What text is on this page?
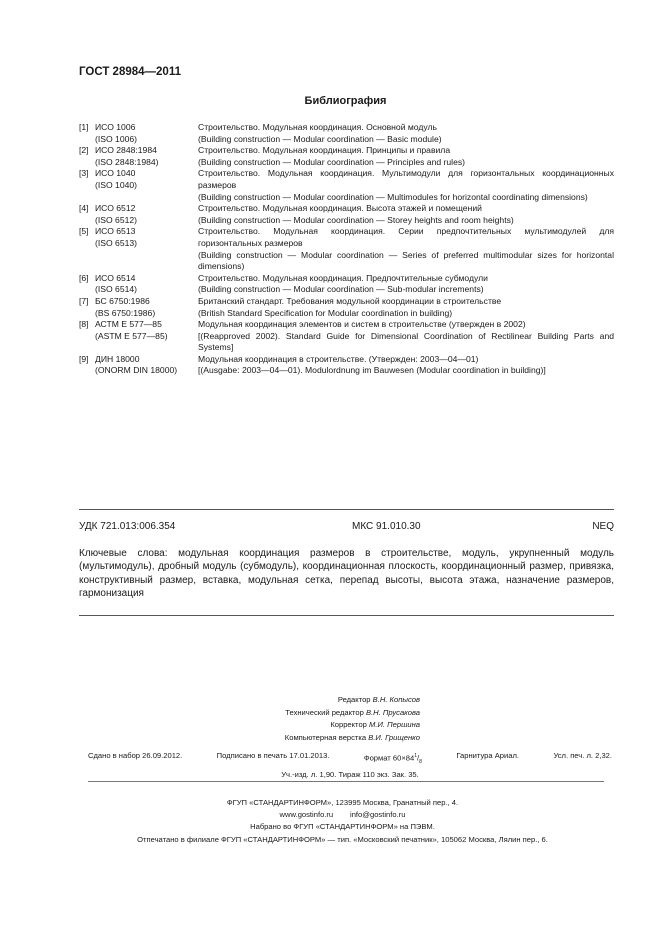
ГОСТ 28984—2011
Библиография
[1] ИСО 1006
(ISO 1006)
Строительство. Модульная координация. Основной модуль
(Building construction — Modular coordination — Basic module)
[2] ИСО 2848:1984
(ISO 2848:1984)
Строительство. Модульная координация. Принципы и правила
(Building construction — Modular coordination — Principles and rules)
[3] ИСО 1040
(ISO 1040)
Строительство. Модульная координация. Мультимодули для горизонтальных координационных размеров
(Building construction — Modular coordination — Multimodules for horizontal coordinating dimensions)
[4] ИСО 6512
(ISO 6512)
Строительство. Модульная координация. Высота этажей и помещений
(Building construction — Modular coordination — Storey heights and room heights)
[5] ИСО 6513
(ISO 6513)
Строительство. Модульная координация. Серии предпочтительных мультимодулей для горизонтальных размеров
(Building construction — Modular coordination — Series of preferred multimodular sizes for horizontal dimensions)
[6] ИСО 6514
(ISO 6514)
Строительство. Модульная координация. Предпочтительные субмодули
(Building construction — Modular coordination — Sub-modular increments)
[7] БС 6750:1986
(BS 6750:1986)
Британский стандарт. Требования модульной координации в строительстве
(British Standard Specification for Modular coordination in building)
[8] АСТМ Е 577—85
(ASTM E 577—85)
Модульная координация элементов и систем в строительстве (утвержден в 2002)
[(Reapproved 2002). Standard Guide for Dimensional Coordination of Rectilinear Building Parts and Systems]
[9] ДИН 18000
(ONORM DIN 18000)
Модульная координация в строительстве. (Утвержден: 2003—04—01)
[(Ausgabe: 2003—04—01). Modulordnung im Bauwesen (Modular coordination in building)]
УДК 721.013:006.354	МКС 91.010.30	NEQ
Ключевые слова: модульная координация размеров в строительстве, модуль, укрупненный модуль (мультимодуль), дробный модуль (субмодуль), координационная плоскость, координационный размер, привязка, конструктивный размер, вставка, модульная сетка, перепад высоты, высота этажа, назначение размеров, гармонизация
Редактор В.Н. Копысов
Технический редактор В.Н. Прусакова
Корректор М.И. Першина
Компьютерная верстка В.И. Грищенко
Сдано в набор 26.09.2012.	Подписано в печать 17.01.2013.	Формат $60\times 84^1/_8$
Гарнитура Ариал.	Усл. печ. л. 2,32.
Уч.-изд. л. 1,90. Тираж 110 экз. Зак. 35.
ФГУП «СТАНДАРТИНФОРМ», 123995 Москва, Гранатный пер., 4.
www.gostinfo.ru        info@gostinfo.ru
Набрано во ФГУП «СТАНДАРТИНФОРМ» на ПЭВМ.
Отпечатано в филиале ФГУП «СТАНДАРТИНФОРМ» — тип. «Московский печатник», 105062 Москва, Лялин пер., 6.
